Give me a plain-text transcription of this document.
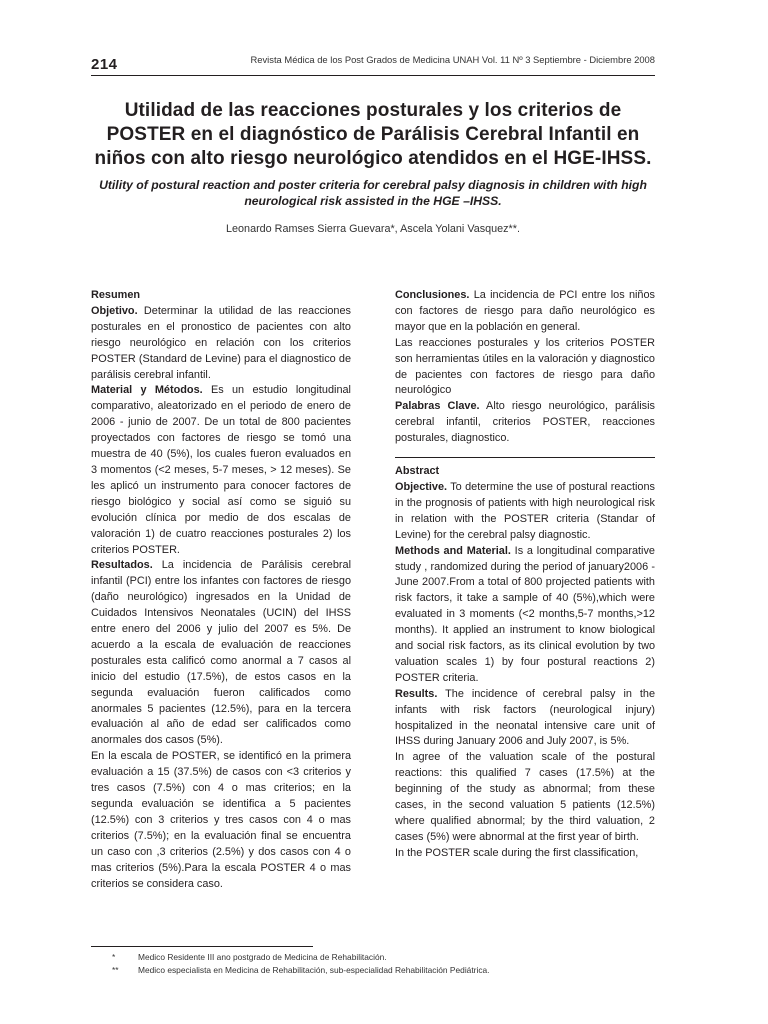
214	Revista Médica de los Post Grados de Medicina UNAH Vol. 11 Nº 3 Septiembre - Diciembre 2008
Utilidad de las reacciones posturales y los criterios de POSTER en el diagnóstico de Parálisis Cerebral Infantil en niños con alto riesgo neurológico atendidos en el HGE-IHSS.
Utility of postural reaction and poster criteria for cerebral palsy diagnosis in children with high neurological risk assisted in the HGE –IHSS.
Leonardo Ramses Sierra Guevara*, Ascela Yolani Vasquez**.

Resumen

Objetivo. Determinar la utilidad de las reacciones posturales en el pronostico de pacientes con alto riesgo neurológico en relación con los criterios POSTER (Standard de Levine) para el diagnostico de parálisis cerebral infantil.

Material y Métodos. Es un estudio longitudinal comparativo, aleatorizado en el periodo de enero de 2006 - junio de 2007. De un total de 800 pacientes proyectados con factores de riesgo se tomó una muestra de 40 (5%), los cuales fueron evaluados en 3 momentos (<2 meses, 5-7 meses, > 12 meses). Se les aplicó un instrumento para conocer factores de riesgo biológico y social así como se siguió su evolución clínica por medio de dos escalas de valoración 1) de cuatro reacciones posturales 2) los criterios POSTER.

Resultados. La incidencia de Parálisis cerebral infantil (PCI) entre los infantes con factores de riesgo (daño neurológico) ingresados en la Unidad de Cuidados Intensivos Neonatales (UCIN) del IHSS entre enero del 2006 y julio del 2007 es 5%. De acuerdo a la escala de evaluación de reacciones posturales esta calificó como anormal a 7 casos al inicio del estudio (17.5%), de estos casos en la segunda evaluación fueron calificados como anormales 5 pacientes (12.5%), para en la tercera evaluación al año de edad ser calificados como anormales dos casos (5%).

En la escala de POSTER, se identificó en la primera evaluación a 15 (37.5%) de casos con <3 criterios y tres casos (7.5%) con 4 o mas criterios; en la segunda evaluación se identifica a 5 pacientes (12.5%) con 3 criterios y tres casos con 4 o mas criterios (7.5%); en la evaluación final se encuentra un caso con ,3 criterios (2.5%) y dos casos con 4 o mas criterios (5%).Para la escala POSTER 4 o mas criterios se considera caso.

Conclusiones. La incidencia de PCI entre los niños con factores de riesgo para daño neurológico es mayor que en la población en general.

Las reacciones posturales y los criterios POSTER son herramientas útiles en la valoración y diagnostico de pacientes con factores de riesgo para daño neurológico

Palabras Clave. Alto riesgo neurológico, parálisis cerebral infantil, criterios POSTER, reacciones posturales, diagnostico.

Abstract

Objective. To determine the use of postural reactions in the prognosis of patients with high neurological risk in relation with the POSTER criteria (Standar of Levine) for the cerebral palsy diagnostic.

Methods and Material. Is a longitudinal comparative study , randomized during the period of january2006 - June 2007.From a total of 800 projected patients with risk factors, it take a sample of 40 (5%),which were evaluated in 3 moments (<2 months,5-7 months,>12 months). It applied an instrument to know biological and social risk factors, as its clinical evolution by two valuation scales 1) by four postural reactions 2) POSTER criteria.

Results. The incidence of cerebral palsy in the infants with risk factors (neurological injury) hospitalized in the neonatal intensive care unit of IHSS during January 2006 and July 2007, is 5%.

In agree of the valuation scale of the postural reactions: this qualified 7 cases (17.5%) at the beginning of the study as abnormal; from these cases, in the second valuation 5 patients (12.5%) where qualified abnormal; by the third valuation, 2 cases (5%) were abnormal at the first year of birth.

In the POSTER scale during the first classification,

*	Medico Residente III ano postgrado de Medicina de Rehabilitación.
**	Medico especialista en Medicina de Rehabilitación, sub-especialidad Rehabilitación Pediátrica.
